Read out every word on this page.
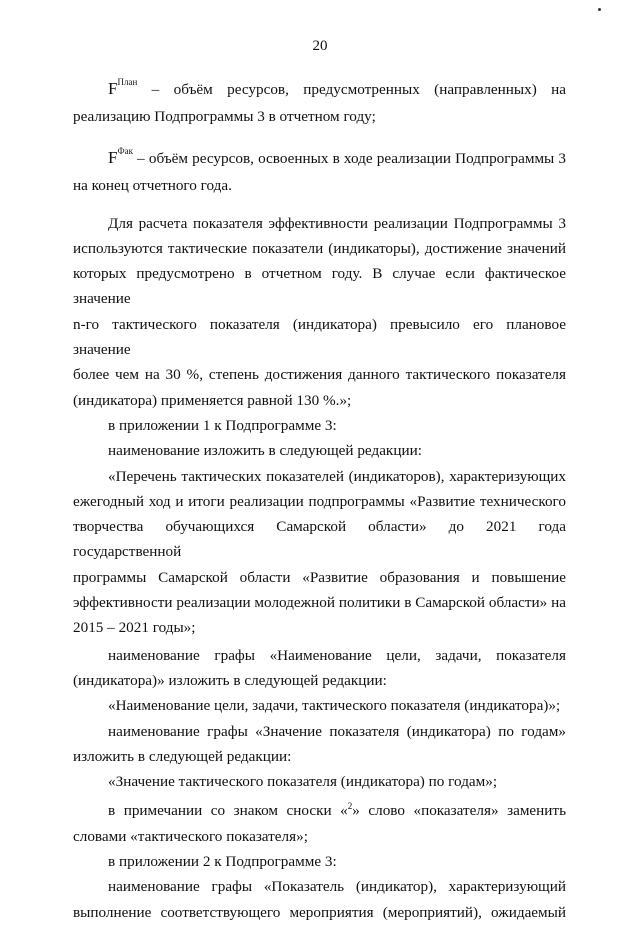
20

$F^{План}$ – объём ресурсов, предусмотренных (направленных) на

реализацию Подпрограммы 3 в отчетном году;

$F^{Фак}$ – объём ресурсов, освоенных в ходе реализации Подпрограммы 3

на конец отчетного года.

Для расчета показателя эффективности реализации Подпрограммы 3

используются тактические показатели (индикаторы), достижение значений

которых предусмотрено в отчетном году. В случае если фактическое значение

n-го тактического показателя (индикатора) превысило его плановое значение

более чем на 30 %, степень достижения данного тактического показателя

(индикатора) применяется равной 130 %.»;

в приложении 1 к Подпрограмме 3:

наименование изложить в следующей редакции:

«Перечень тактических показателей (индикаторов), характеризующих

ежегодный ход и итоги реализации подпрограммы «Развитие технического

творчества обучающихся Самарской области» до 2021 года государственной

программы Самарской области «Развитие образования и повышение

эффективности реализации молодежной политики в Самарской области» на

2015 – 2021 годы»;

наименование графы «Наименование цели, задачи, показателя

(индикатора)» изложить в следующей редакции:

«Наименование цели, задачи, тактического показателя (индикатора)»;

наименование графы «Значение показателя (индикатора) по годам»

изложить в следующей редакции:

«Значение тактического показателя (индикатора) по годам»;

в примечании со знаком сноски «$^2$» слово «показателя» заменить

словами «тактического показателя»;

в приложении 2 к Подпрограмме 3:

наименование графы «Показатель (индикатор), характеризующий

выполнение соответствующего мероприятия (мероприятий), ожидаемый
